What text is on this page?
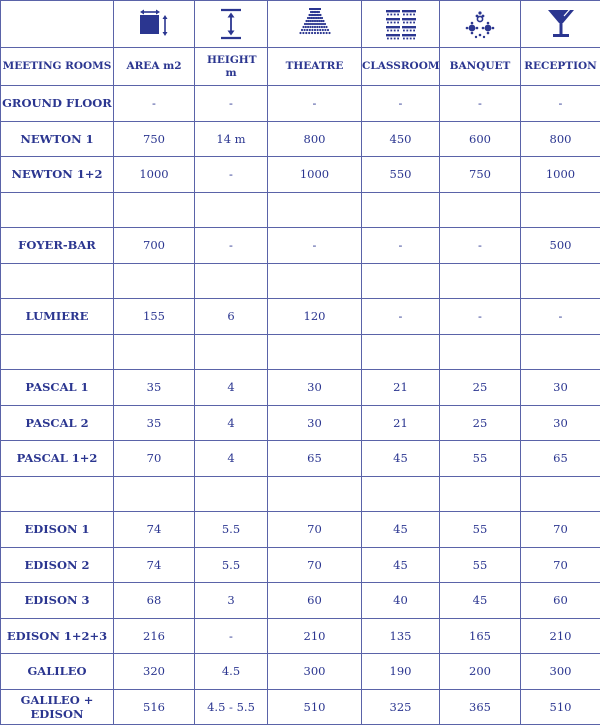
MEETING ROOMS	AREA m2	HEIGHT m	THEATRE	CLASSROOM	BANQUET	RECEPTION
GROUND FLOOR	-	-	-	-	-	-
NEWTON 1	750	14 m	800	450	600	800
NEWTON 1+2	1000	-	1000	550	750	1000

FOYER-BAR	700	-	-	-	-	500

LUMIERE	155	6	120	-	-	-

PASCAL 1	35	4	30	21	25	30
PASCAL 2	35	4	30	21	25	30
PASCAL 1+2	70	4	65	45	55	65

EDISON 1	74	5.5	70	45	55	70
EDISON 2	74	5.5	70	45	55	70
EDISON 3	68	3	60	40	45	60
EDISON 1+2+3	216	-	210	135	165	210
GALILEO	320	4.5	300	190	200	300
GALILEO + EDISON	516	4.5 - 5.5	510	325	365	510
